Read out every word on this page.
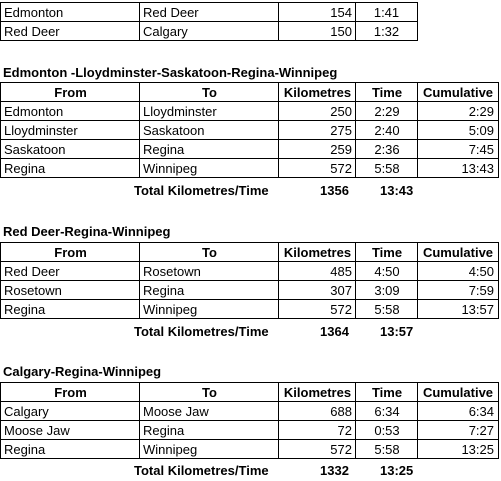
Edmonton	Red Deer	154	1:41
Red Deer	Calgary	150	1:32
Edmonton -Lloydminster-Saskatoon-Regina-Winnipeg
From	To	Kilometres	Time	Cumulative
Edmonton	Lloydminster	250	2:29	2:29
Lloydminster	Saskatoon	275	2:40	5:09
Saskatoon	Regina	259	2:36	7:45
Regina	Winnipeg	572	5:58	13:43
Total Kilometres/Time	1356 13:43
Red Deer-Regina-Winnipeg
From	To	Kilometres	Time	Cumulative
Red Deer	Rosetown	485	4:50	4:50
Rosetown	Regina	307	3:09	7:59
Regina	Winnipeg	572	5:58	13:57
Total Kilometres/Time	1364 13:57
Calgary-Regina-Winnipeg
From	To	Kilometres	Time	Cumulative
Calgary	Moose Jaw	688	6:34	6:34
Moose Jaw	Regina	72	0:53	7:27
Regina	Winnipeg	572	5:58	13:25
Total Kilometres/Time	1332 13:25
